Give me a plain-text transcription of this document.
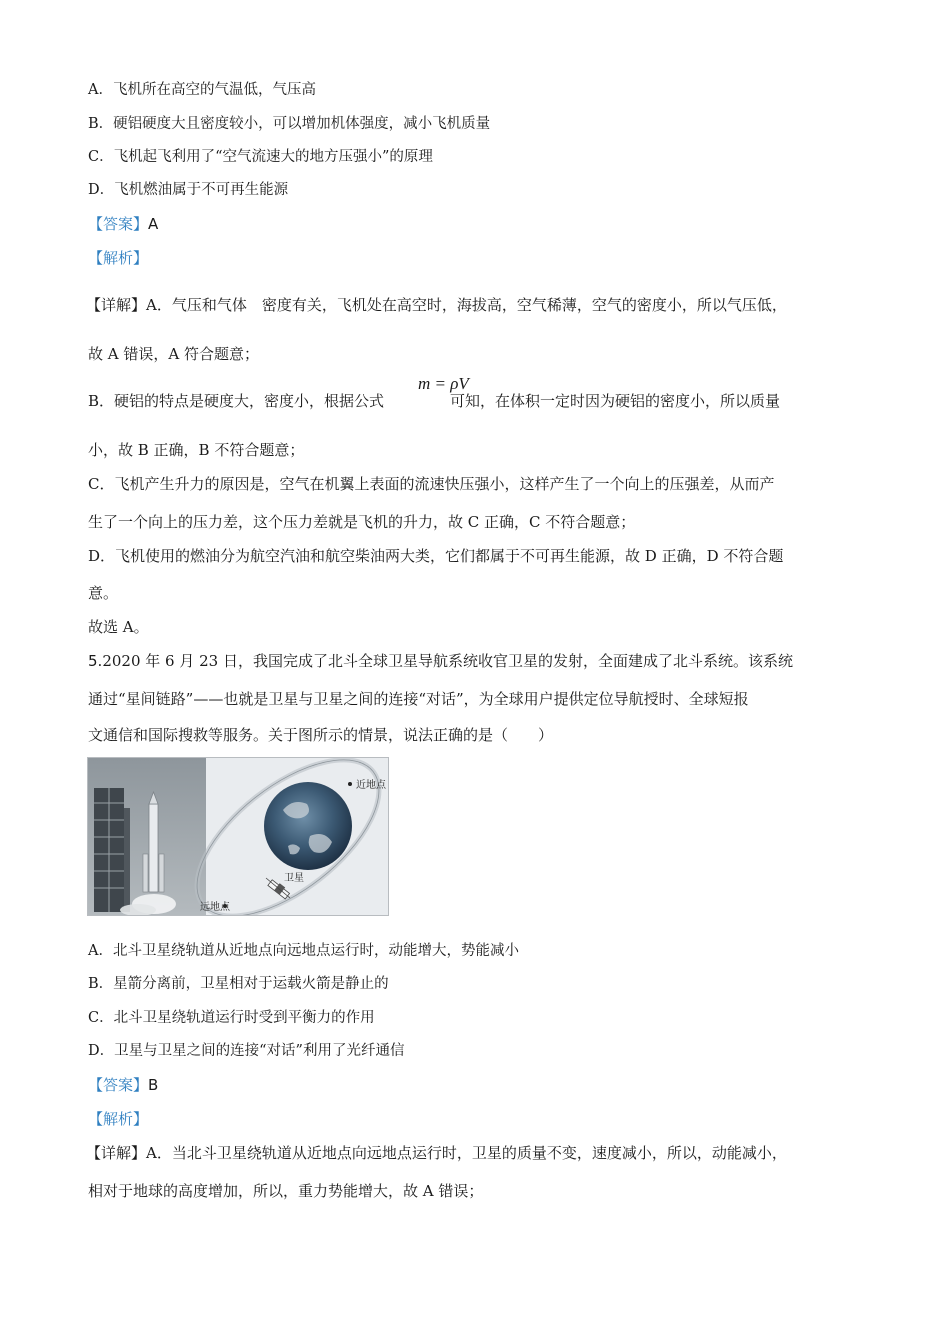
A．飞机所在高空的气温低，气压高
B．硬铝硬度大且密度较小，可以增加机体强度，减小飞机质量
C．飞机起飞利用了“空气流速大的地方压强小”的原理
D．飞机燃油属于不可再生能源
【答案】A
【解析】
【详解】A．气压和气体　密度有关，飞机处在高空时，海拔高，空气稀薄，空气的密度小，所以气压低，
故 A 错误，A 符合题意；
B．硬铝的特点是硬度大，密度小，根据公式	可知，在体积一定时因为硬铝的密度小，所以质量
m = ρV
小，故 B 正确，B 不符合题意；
C．飞机产生升力的原因是，空气在机翼上表面的流速快压强小，这样产生了一个向上的压强差，从而产
生了一个向上的压力差，这个压力差就是飞机的升力，故 C 正确，C 不符合题意；
D．飞机使用的燃油分为航空汽油和航空柴油两大类，它们都属于不可再生能源，故 D 正确，D 不符合题
意。
故选 A。
5.2020 年 6 月 23 日，我国完成了北斗全球卫星导航系统收官卫星的发射，全面建成了北斗系统。该系统
通过“星间链路”——也就是卫星与卫星之间的连接“对话”，为全球用户提供定位导航授时、全球短报
文通信和国际搜救等服务。关于图所示的情景，说法正确的是（　　）
近地点
卫星
远地点
A．北斗卫星绕轨道从近地点向远地点运行时，动能增大，势能减小
B．星箭分离前，卫星相对于运载火箭是静止的
C．北斗卫星绕轨道运行时受到平衡力的作用
D．卫星与卫星之间的连接“对话”利用了光纤通信
【答案】B
【解析】
【详解】A．当北斗卫星绕轨道从近地点向远地点运行时，卫星的质量不变，速度减小，所以，动能减小，
相对于地球的高度增加，所以，重力势能增大，故 A 错误；
